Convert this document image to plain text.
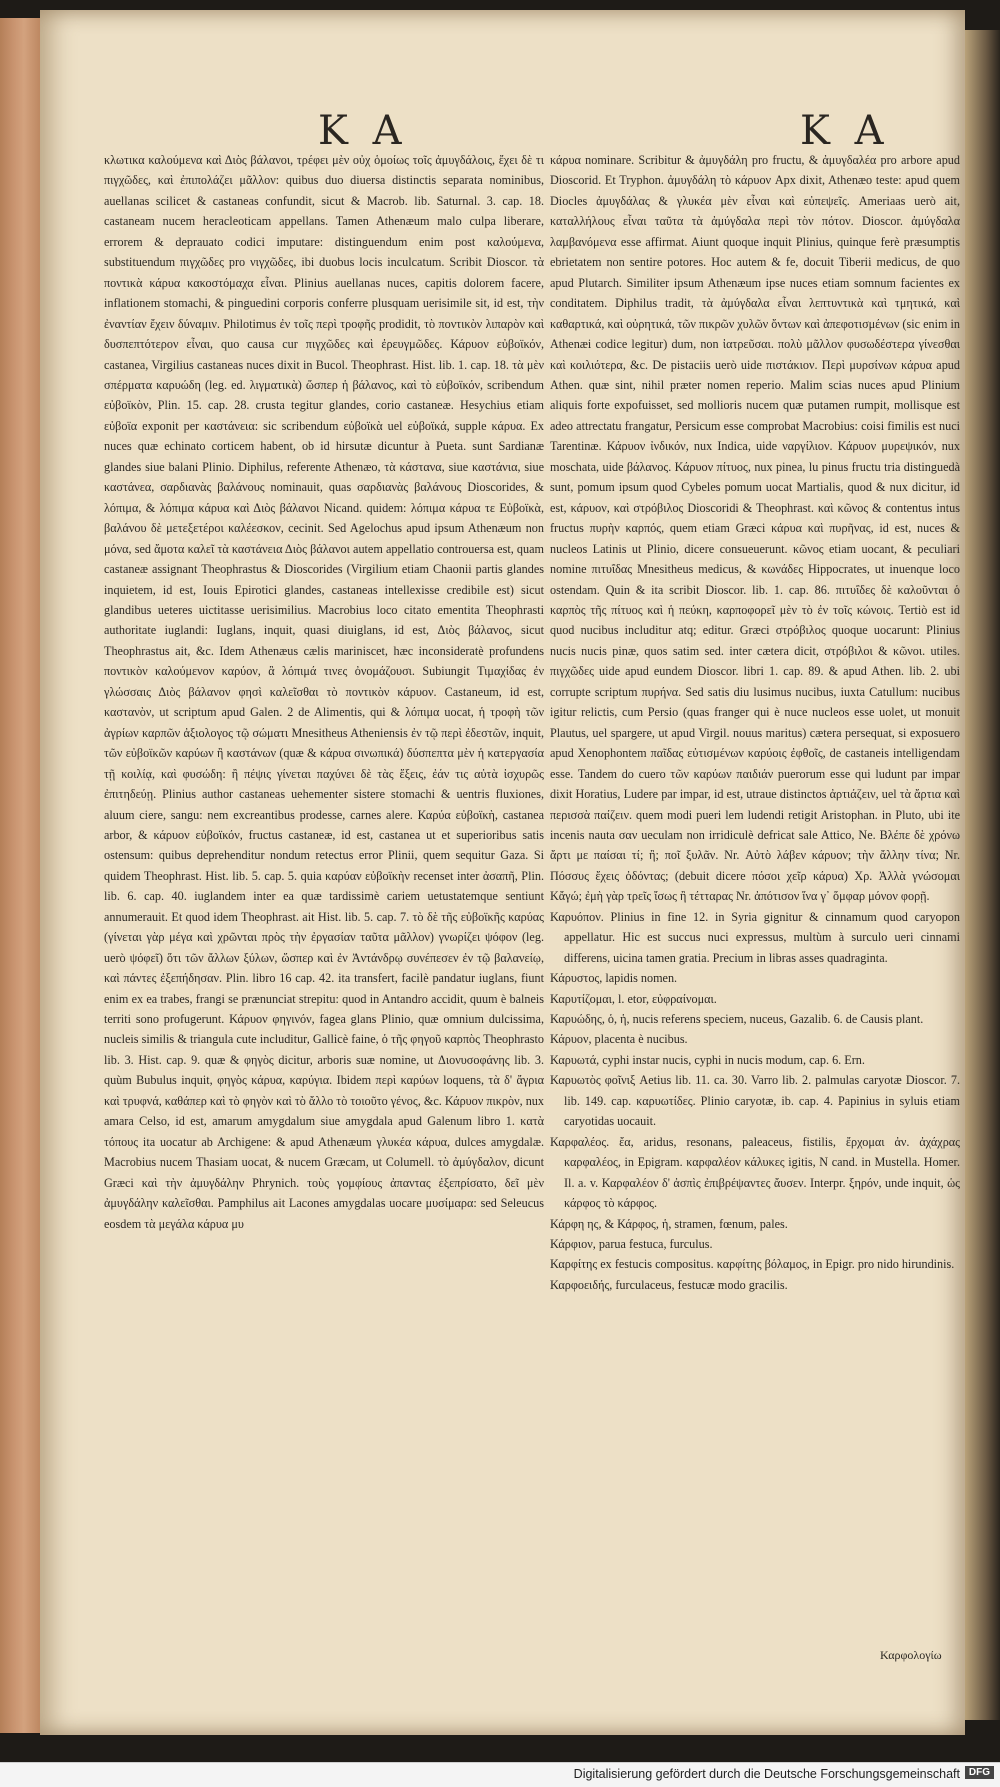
K A	K A

κλωτικα καλούμενα καὶ Διὸς βάλανοι, τρέφει μὲν οὐχ ὁμοίως τοῖς ἀμυγδάλοις, ἔχει δὲ τι πιγχῶδες, καὶ ἐπιπολάζει μᾶλλον: quibus duo diuersa distinctis separata nominibus, auellanas scilicet & castaneas confundit, sicut & Macrob. lib. Saturnal. 3. cap. 18. castaneam nucem heracleoticam appellans. Tamen Athenæum malo culpa liberare, errorem & deprauato codici imputare: distinguendum enim post καλούμενα, substituendum πιγχῶδες pro νιγχῶδες, ibi duobus locis inculcatum. Scribit Dioscor. τὰ ποντικὰ κάρυα κακοστόμαχα εἶναι. Plinius auellanas nuces, capitis dolorem facere, inflationem stomachi, & pinguedini corporis conferre plusquam uerisimile sit, id est, τὴν ἐναντίαν ἔχειν δύναμιν. Philotimus ἐν τοῖς περὶ τροφῆς prodidit, τὸ ποντικὸν λιπαρὸν καὶ δυσπεπτότερον εἶναι, quo causa cur πιγχῶδες καὶ ἐρευγμῶδες. Κάρυον εὐβοϊκόν, castanea, Virgilius castaneas nuces dixit in Bucol. Theophrast. Hist. lib. 1. cap. 18. τὰ μὲν σπέρματα καρυώδη (leg. ed. λιγματικὰ) ὥσπερ ἡ βάλανος, καὶ τὸ εὐβοϊκόν, scribendum εὐβοϊκὸν, Plin. 15. cap. 28. crusta tegitur glandes, corio castaneæ. Hesychius etiam εὐβοϊα exponit per καστάνεια: sic scribendum εὐβοϊκὰ uel εὐβοϊκά, supple κάρυα. Ex nuces quæ echinato corticem habent, ob id hirsutæ dicuntur à Pueta. sunt Sardianæ glandes siue balani Plinio. Diphilus, referente Athenæo, τὰ κάστανα, siue καστάνια, siue καστάνεα, σαρδιανὰς βαλάνους nominauit, quas σαρδιανὰς βαλάνους Dioscorides, & λόπιμα, & λόπιμα κάρυα καὶ Διὸς βάλανοι Nicand. quidem: λόπιμα κάρυα τε Εὐβοϊκὰ, βαλάνου δὲ μετεξετέροι καλέεσκον, cecinit. Sed Agelochus apud ipsum Athenæum non μόνα, sed ἄμοτα καλεῖ τὰ καστάνεια Διὸς βάλανοι autem appellatio controuersa est, quam castaneæ assignant Theophrastus & Dioscorides (Virgilium etiam Chaonii partis glandes inquietem, id est, Iouis Epirotici glandes, castaneas intellexisse credibile est) sicut glandibus ueteres uictitasse uerisimilius. Macrobius loco citato ementita Theophrasti authoritate iuglandi: Iuglans, inquit, quasi diuiglans, id est, Διὸς βάλανος, sicut Theophrastus ait, &c. Idem Athenæus cælis mariniscet, hæc inconsideratè profundens ποντικὸν καλούμενον καρύον, ἃ λόπιμά τινες ὀνομάζουσι. Subiungit Τιμαχίδας ἐν γλώσσαις Διὸς βάλανον φησὶ καλεῖσθαι τὸ ποντικὸν κάρυον. Castaneum, id est, καστανὸν, ut scriptum apud Galen. 2 de Alimentis, qui & λόπιμα uocat, ἡ τροφὴ τῶν ἀγρίων καρπῶν ἀξιολογος τῷ σώματι Mnesitheus Atheniensis ἐν τῷ περὶ ἐδεστῶν, inquit, τῶν εὐβοϊκῶν καρύων ἢ καστάνων (quæ & κάρυα σινωπικά) δύσπεπτα μὲν ἡ κατεργασία τῇ κοιλίᾳ, καὶ φυσώδη: ἢ πέψις γίνεται παχύνει δὲ τὰς ἕξεις, ἐάν τις αὐτὰ ἰσχυρῶς ἐπιτηδεύῃ. Plinius author castaneas uehementer sistere stomachi & uentris fluxiones, aluum ciere, sangu: nem excreantibus prodesse, carnes alere. Καρύα εὐβοϊκὴ, castanea arbor, & κάρυον εὐβοϊκόν, fructus castaneæ, id est, castanea ut et superioribus satis ostensum: quibus deprehenditur nondum retectus error Plinii, quem sequitur Gaza. Si quidem Theophrast. Hist. lib. 5. cap. 5. quia καρύαν εὐβοϊκὴν recenset inter ἀσαπῆ, Plin. lib. 6. cap. 40. iuglandem inter ea quæ tardissimè cariem uetustatemque sentiunt annumerauit. Et quod idem Theophrast. ait Hist. lib. 5. cap. 7. τὸ δὲ τῆς εὐβοϊκῆς καρύας (γίνεται γὰρ μέγα καὶ χρῶνται πρὸς τὴν ἐργασίαν ταῦτα μᾶλλον) γνωρίζει ψόφον (leg. uerò ψόφεῖ) ὅτι τῶν ἄλλων ξύλων, ὥσπερ καὶ ἐν Ἀντάνδρῳ συνέπεσεν ἐν τῷ βαλανείῳ, καὶ πάντες ἐξεπήδησαν. Plin. libro 16 cap. 42. ita transfert, facilè pandatur iuglans, fiunt enim ex ea trabes, frangi se prænunciat strepitu: quod in Antandro accidit, quum è balneis territi sono profugerunt. Κάρυον φηγινόν, fagea glans Plinio, quæ omnium dulcissima, nucleis similis & triangula cute includitur, Gallicè faine, ὁ τῆς φηγοῦ καρπὸς Theophrasto lib. 3. Hist. cap. 9. quæ & φηγὸς dicitur, arboris suæ nomine, ut Διονυσοφάνης lib. 3. quùm Bubulus inquit, φηγὸς κάρυα, καρύγια. Ibidem περὶ καρύων loquens, τὰ δ' ἄγρια καὶ τρυφνά, καθάπερ καὶ τὸ φηγὸν καὶ τὸ ἄλλο τὸ τοιοῦτο γένος, &c. Κάρυον πικρὸν, nux amara Celso, id est, amarum amygdalum siue amygdala apud Galenum libro 1. κατὰ τόπους ita uocatur ab Archigene: & apud Athenæum γλυκέα κάρυα, dulces amygdalæ. Macrobius nucem Thasiam uocat, & nucem Græcam, ut Columell. τὸ ἀμύγδαλον, dicunt Græci καὶ τὴν ἀμυγδάλην Phrynich. τοὺς γομφίους ἀπαντας ἐξεπρίσατο, δεῖ μὲν ἀμυγδάλην καλεῖσθαι. Pamphilus ait Lacones amygdalas uocare μυσίμαρα: sed Seleucus eosdem τὰ μεγάλα κάρυα μυ

κάρυα nominare. Scribitur & ἀμυγδάλη pro fructu, & ἀμυγδαλέα pro arbore apud Dioscorid. Et Tryphon. ἀμυγδάλη τὸ κάρυον Apx dixit, Athenæo teste: apud quem Diocles ἀμυγδάλας & γλυκέα μὲν εἶναι καὶ εὐπεψεῖς. Ameriaas uerò ait, καταλλήλους εἶναι ταῦτα τὰ ἀμύγδαλα περὶ τὸν πότον. Dioscor. ἀμύγδαλα λαμβανόμενα esse affirmat. Aiunt quoque inquit Plinius, quinque ferè præsumptis ebrietatem non sentire potores. Hoc autem & fe, docuit Tiberii medicus, de quo apud Plutarch. Similiter ipsum Athenæum ipse nuces etiam somnum facientes ex conditatem. Diphilus tradit, τὰ ἀμύγδαλα εἶναι λεπτυντικὰ καὶ τμητικά, καὶ καθαρτικά, καὶ οὐρητικά, τῶν πικρῶν χυλῶν ὄντων καὶ ἀπεφοτισμένων (sic enim in Athenæi codice legitur) dum, non ἰατρεῦσαι. πολὺ μᾶλλον φυσωδέστερα γίνεσθαι καὶ κοιλιότερα, &c. De pistaciis uerò uide πιστάκιον. Περὶ μυρσίνων κάρυα apud Athen. quæ sint, nihil præter nomen reperio. Malim scias nuces apud Plinium aliquis forte expofuisset, sed mollioris nucem quæ putamen rumpit, mollisque est adeo attrectatu frangatur, Persicum esse comprobat Macrobius: coisi fimilis est nuci Tarentinæ. Κάρυον ἰνδικόν, nux Indica, uide ναργίλιον. Κάρυον μυρεψικόν, nux moschata, uide βάλανος. Κάρυον πίτυος, nux pinea, lu pinus fructu tria distinguedà sunt, pomum ipsum quod Cybeles pomum uocat Martialis, quod & nux dicitur, id est, κάρυον, καὶ στρόβιλος Dioscoridi & Theophrast. καὶ κῶνος & contentus intus fructus πυρὴν καρπός, quem etiam Græci κάρυα καὶ πυρῆνας, id est, nuces & nucleos Latinis ut Plinio, dicere consueuerunt. κῶνος etiam uocant, & peculiari nomine πιτυΐδας Mnesitheus medicus, & κωνάδες Hippocrates, ut inuenque loco ostendam. Quin & ita scribit Dioscor. lib. 1. cap. 86. πιτυΐδες δὲ καλοῦνται ὁ καρπὸς τῆς πίτυος καὶ ἡ πεύκη, καρποφορεῖ μὲν τὸ ἐν τοῖς κώνοις. Tertiò est id quod nucibus includitur atq; editur. Græci στρόβιλος quoque uocarunt: Plinius nucis nucis pinæ, quos satim sed. inter cætera dicit, στρόβιλοι & κῶνοι. utiles. πιγχῶδες uide apud eundem Dioscor. libri 1. cap. 89. & apud Athen. lib. 2. ubi corrupte scriptum πυρήνα. Sed satis diu lusimus nucibus, iuxta Catullum: nucibus igitur relictis, cum Persio (quas franger qui è nuce nucleos esse uolet, ut monuit Plautus, uel spargere, ut apud Virgil. nouus maritus) cætera persequat, si exposuero apud Xenophontem παῖδας εὐτισμένων καρύοις ἐφθοῖς, de castaneis intelligendam esse. Tandem do cuero τῶν καρύων παιδιάν puerorum esse qui ludunt par impar dixit Horatius, Ludere par impar, id est, utraue distinctos ἀρτιάζειν, uel τὰ ἄρτια καὶ περισσὰ παίζειν. quem modi pueri lem ludendi retigit Aristophan. in Pluto, ubi ite incenis nauta σαν ueculam non irridiculè defricat sale Attico, Ne. Βλέπε δὲ χρόνω ἄρτι με παίσαι τί; ἢ; ποῖ ξυλᾶν. Nr. Αὐτὸ λάβεν κάρυον; τὴν ἄλλην τίνα; Nr. Πόσσυς ἔχεις ὀδόντας; (debuit dicere πόσοι χεῖρ κάρυα) Χρ. Ἀλλὰ γνώσομαι Κἄγώ; ἐμὴ γὰρ τρεῖς ἴσως ἢ τέτταρας Nr. ἀπότισον ἵνα γ᾽ ὅμφαρ μόνον φορῇ.

Καρυόπον. Plinius in fine 12. in Syria gignitur & cinnamum quod caryopon appellatur. Hic est succus nuci expressus, multùm à surculo ueri cinnami differens, uicina tamen gratia. Precium in libras asses quadraginta.

Κάρυστος, lapidis nomen.

Καρυτίζομαι, l. etor, εὐφραίνομαι.

Καρυώδης, ὁ, ἡ, nucis referens speciem, nuceus, Gazalib. 6. de Causis plant.

Κάρυον, placenta è nucibus.

Καρυωτά, cyphi instar nucis, cyphi in nucis modum, cap. 6. Ern.

Καρυωτὸς φοῖνιξ Aetius lib. 11. ca. 30. Varro lib. 2. palmulas caryotæ Dioscor. 7. lib. 149. cap. καρυωτίδες. Plinio caryotæ, ib. cap. 4. Papinius in syluis etiam caryotidas uocauit.

Καρφαλέος. ἔα, aridus, resonans, paleaceus, fistilis, ἔρχομαι ἀν. ἀχάχρας καρφαλέος, in Epigram. καρφαλέον κάλυκες igitis, N cand. in Mustella. Homer. Il. a. v. Καρφαλέον δ' ἀσπὶς ἐπιβρέψαντες ἄυσεν. Interpr. ξηρόν, unde inquit, ὡς κάρφος τὸ κάρφος.

Κάρφη ης, & Κάρφος, ἡ, stramen, fœnum, pales.

Κάρφιον, parua festuca, furculus.

Καρφίτης ex festucis compositus. καρφίτης βόλαμος, in Epigr. pro nido hirundinis.

Καρφοειδής, furculaceus, festucæ modo gracilis.

Καρφολογίω
Digitalisierung gefördert durch die Deutsche Forschungsgemeinschaft DFG
